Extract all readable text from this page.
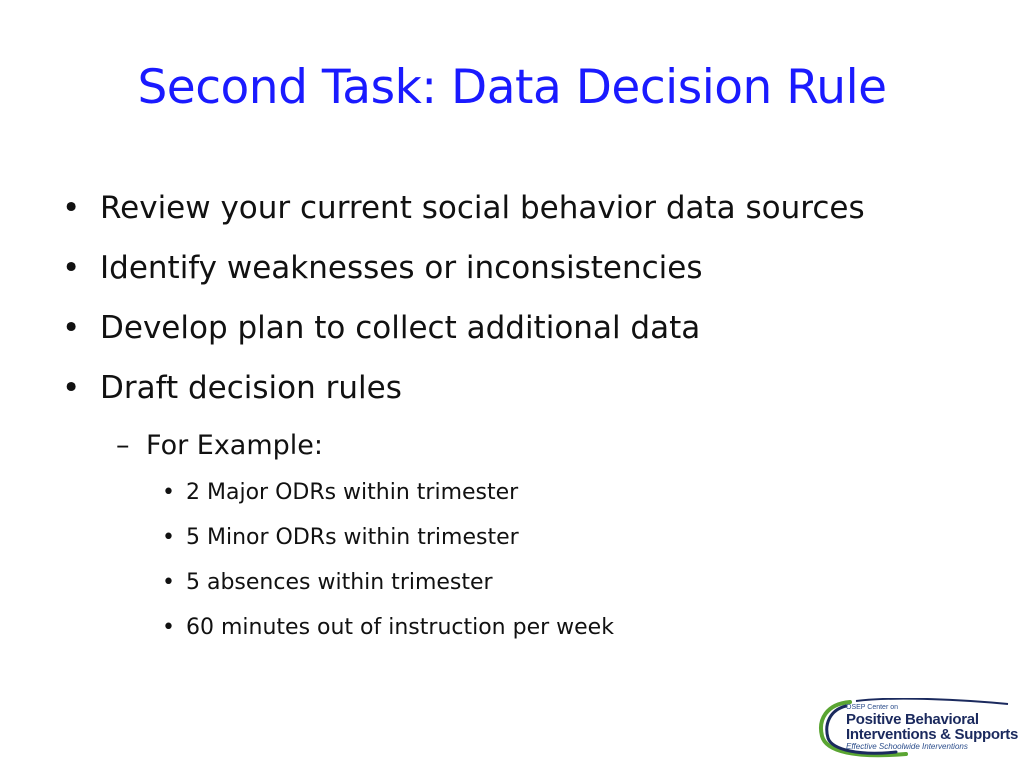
Second Task: Data Decision Rule
• Review your current social behavior data sources
• Identify weaknesses or inconsistencies
• Develop plan to collect additional data
• Draft decision rules
– For Example:
• 2 Major ODRs within trimester
• 5 Minor ODRs within trimester
• 5 absences within trimester
• 60 minutes out of instruction per week
OSEP Center on
Positive Behavioral
Interventions & Supports
Effective Schoolwide Interventions
